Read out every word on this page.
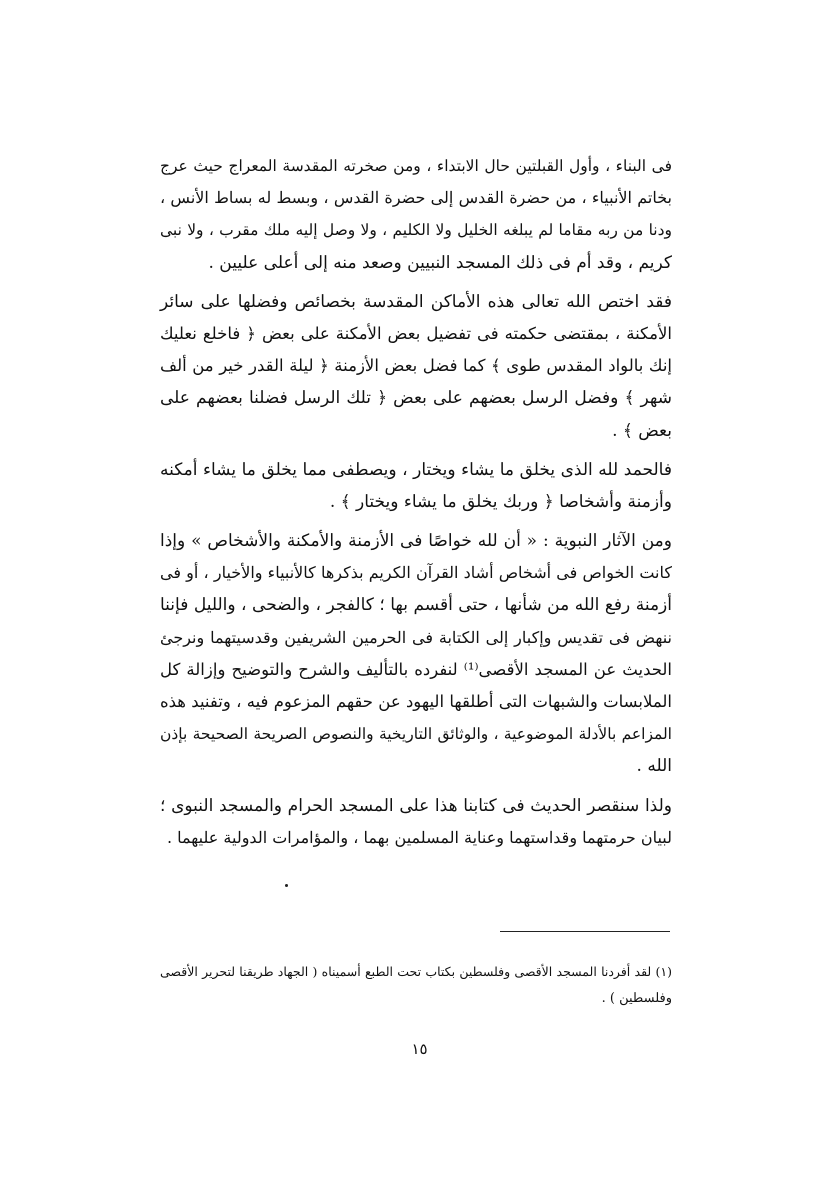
فى البناء ، وأول القبلتين حال الابتداء ، ومن صخرته المقدسة المعراج حيث عرج
بخاتم الأنبياء ، من حضرة القدس إلى حضرة القدس ، وبسط له بساط الأنس ،
ودنا من ربه مقاما لم يبلغه الخليل ولا الكليم ، ولا وصل إليه ملك مقرب ، ولا نبى
كريم ، وقد أم فى ذلك المسجد النبيين وصعد منه إلى أعلى عليين .
فقد اختص الله تعالى هذه الأماكن المقدسة بخصائص وفضلها على سائر
الأمكنة ، بمقتضى حكمته فى تفضيل بعض الأمكنة على بعض ﴿ فاخلع نعليك
إنك بالواد المقدس طوى ﴾ كما فضل بعض الأزمنة ﴿ ليلة القدر خير من ألف
شهر ﴾ وفضل الرسل بعضهم على بعض ﴿ تلك الرسل فضلنا بعضهم على
بعض ﴾ .
فالحمد لله الذى يخلق ما يشاء ويختار ، ويصطفى مما يخلق ما يشاء أمكنه
وأزمنة وأشخاصا ﴿ وربك يخلق ما يشاء ويختار ﴾ .
ومن الآثار النبوية : « أن لله خواصًا فى الأزمنة والأمكنة والأشخاص » وإذا
كانت الخواص فى أشخاص أشاد القرآن الكريم بذكرها كالأنبياء والأخيار ، أو فى
أزمنة رفع الله من شأنها ، حتى أقسم بها ؛ كالفجر ، والضحى ، والليل فإننا
ننهض فى تقديس وإكبار إلى الكتابة فى الحرمين الشريفين وقدسيتهما ونرجئ
الحديث عن المسجد الأقصى⁽¹⁾ لنفرده بالتأليف والشرح والتوضيح وإزالة كل
الملابسات والشبهات التى أطلقها اليهود عن حقهم المزعوم فيه ، وتفنيد هذه
المزاعم بالأدلة الموضوعية ، والوثائق التاريخية والنصوص الصريحة الصحيحة بإذن
الله .
ولذا سنقصر الحديث فى كتابنا هذا على المسجد الحرام والمسجد النبوى ؛
لبيان حرمتهما وقداستهما وعناية المسلمين بهما ، والمؤامرات الدولية عليهما .
(١) لقد أفردنا المسجد الأقصى وفلسطين بكتاب تحت الطبع أسميناه ( الجهاد طريقنا لتحرير الأقصى
وفلسطين ) .
١٥
